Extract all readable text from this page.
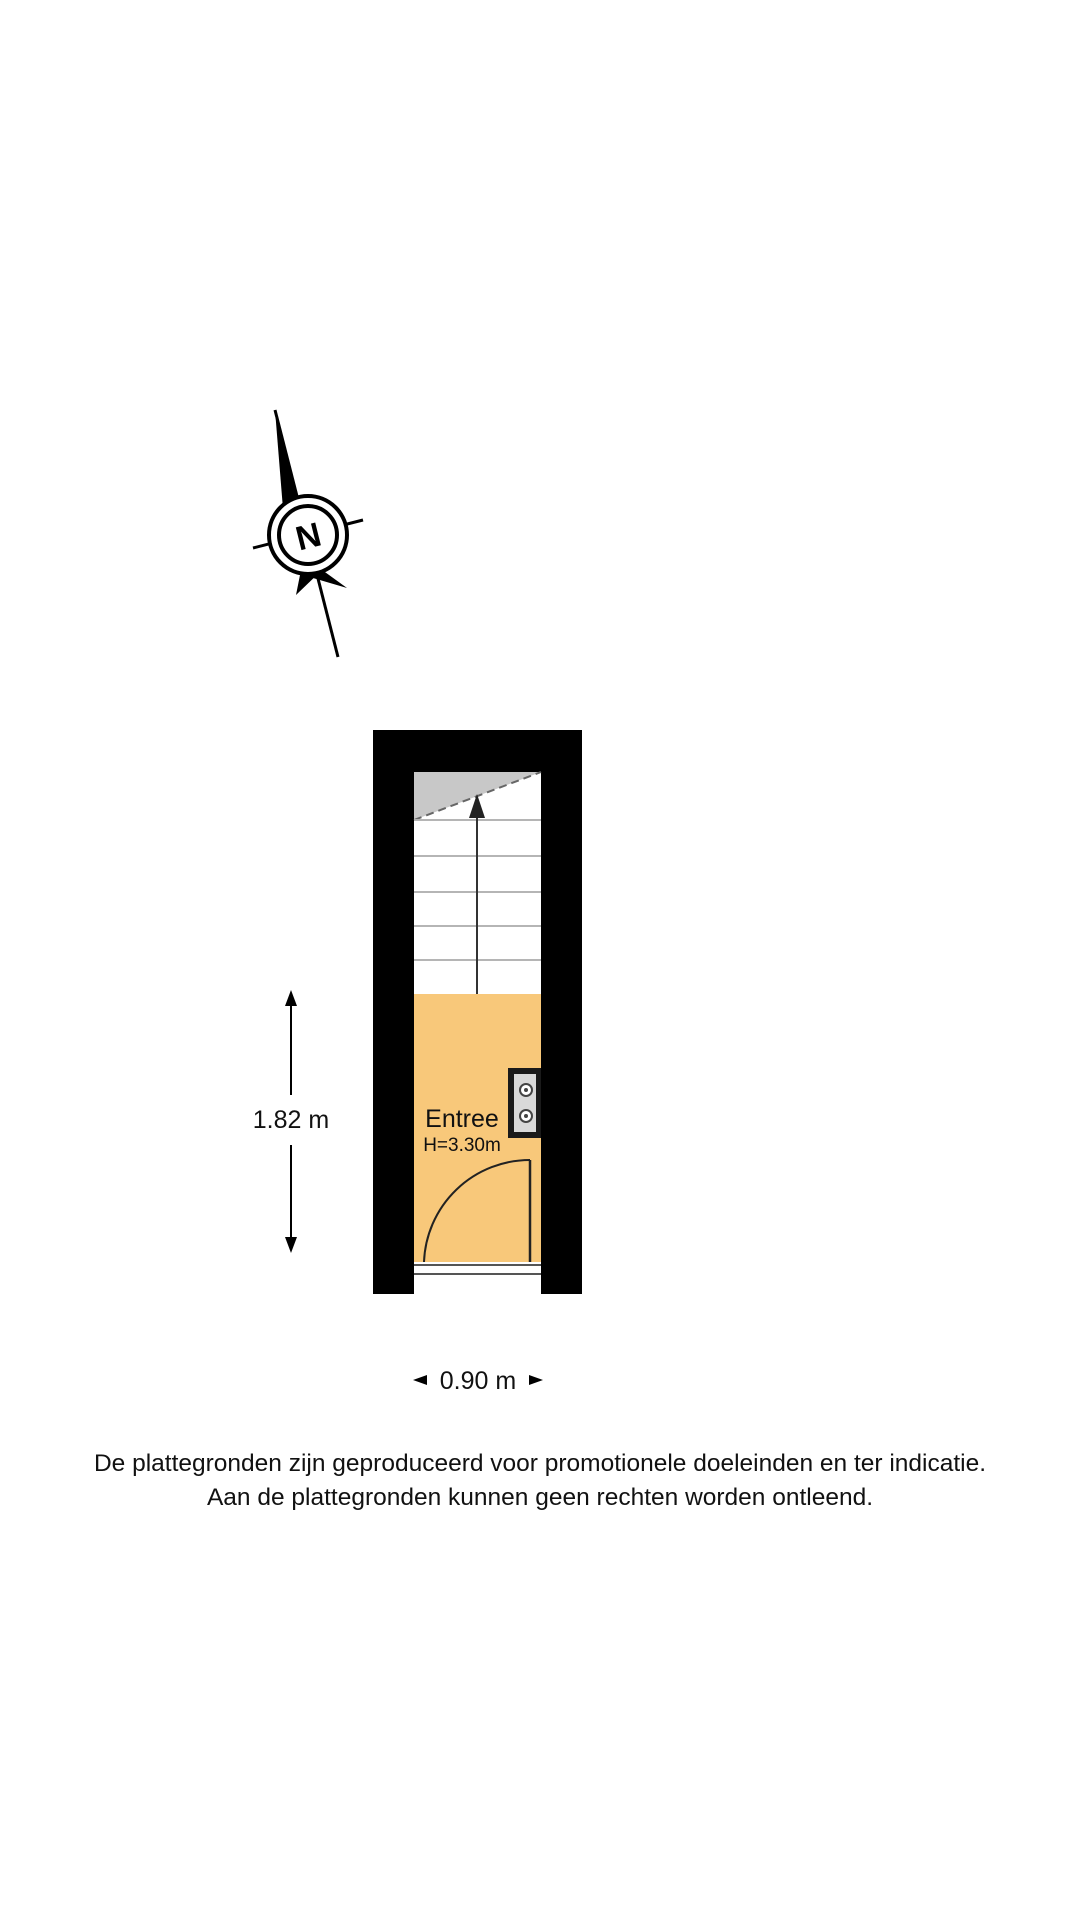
N
Entree
H=3.30m
1.82 m
0.90 m
De plattegronden zijn geproduceerd voor promotionele doeleinden en ter indicatie.
Aan de plattegronden kunnen geen rechten worden ontleend.
